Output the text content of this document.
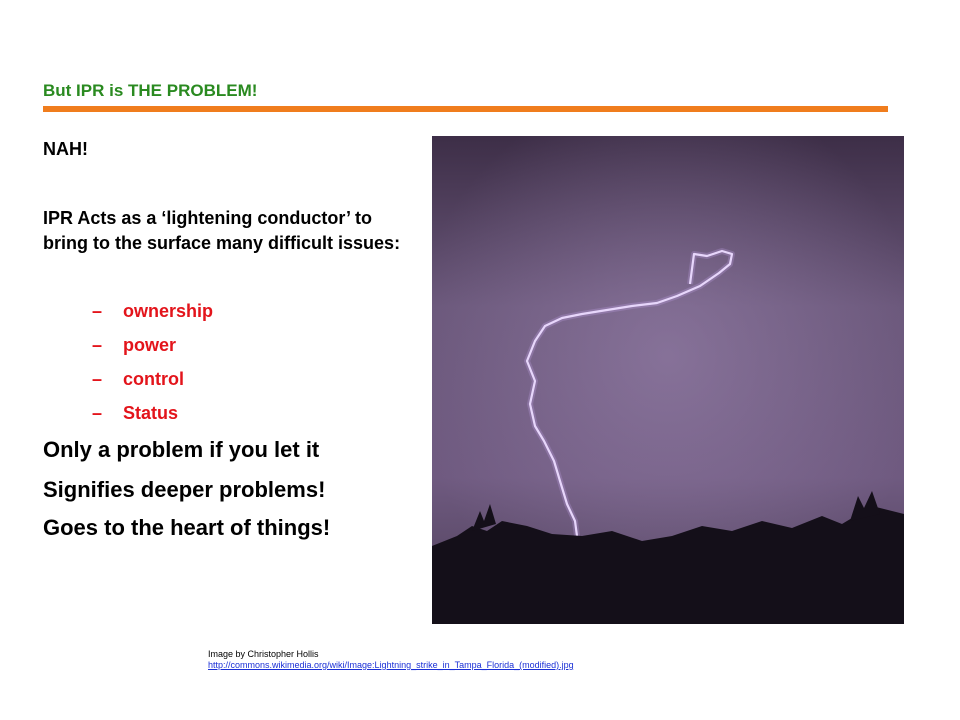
But IPR is THE PROBLEM!
NAH!
IPR Acts as a ‘lightening conductor’ to bring to the surface many difficult issues:
– ownership
– power
– control
– Status
Only a problem if you let it
Signifies deeper problems!
Goes to the heart of things!
Image by Christopher Hollis
http://commons.wikimedia.org/wiki/Image:Lightning_strike_in_Tampa_Florida_(modified).jpg
